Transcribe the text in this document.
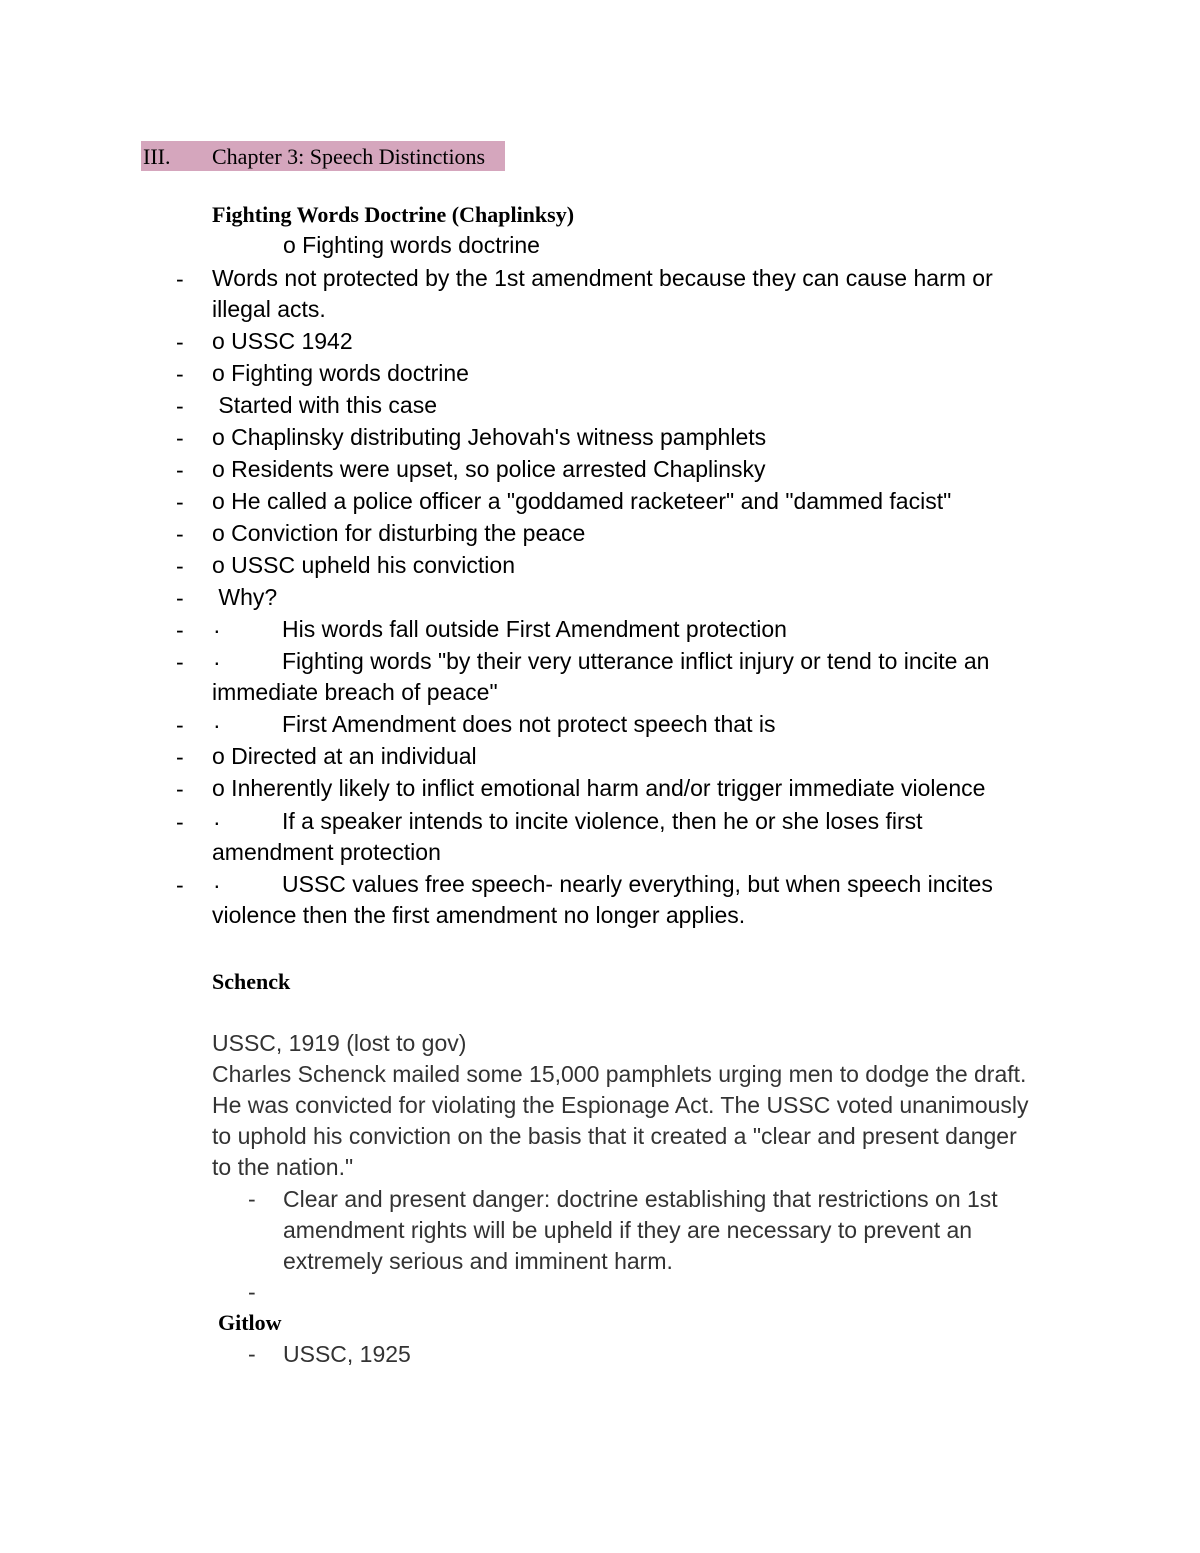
III. Chapter 3: Speech Distinctions
Fighting Words Doctrine (Chaplinksy)
o Fighting words doctrine
- Words not protected by the 1st amendment because they can cause harm or illegal acts.
- o USSC 1942
- o Fighting words doctrine
- Started with this case
- o Chaplinsky distributing Jehovah's witness pamphlets
- o Residents were upset, so police arrested Chaplinsky
- o He called a police officer a "goddamed racketeer" and "dammed facist"
- o Conviction for disturbing the peace
- o USSC upheld his conviction
- Why?
- ·	His words fall outside First Amendment protection
- ·	Fighting words "by their very utterance inflict injury or tend to incite an immediate breach of peace"
- ·	First Amendment does not protect speech that is
- o Directed at an individual
- o Inherently likely to inflict emotional harm and/or trigger immediate violence
- ·	If a speaker intends to incite violence, then he or she loses first amendment protection
- ·	USSC values free speech- nearly everything, but when speech incites violence then the first amendment no longer applies.
Schenck
USSC, 1919 (lost to gov)
Charles Schenck mailed some 15,000 pamphlets urging men to dodge the draft.
He was convicted for violating the Espionage Act. The USSC voted unanimously
to uphold his conviction on the basis that it created a "clear and present danger
to the nation."
- Clear and present danger: doctrine establishing that restrictions on 1st amendment rights will be upheld if they are necessary to prevent an extremely serious and imminent harm.
-
Gitlow
- USSC, 1925
